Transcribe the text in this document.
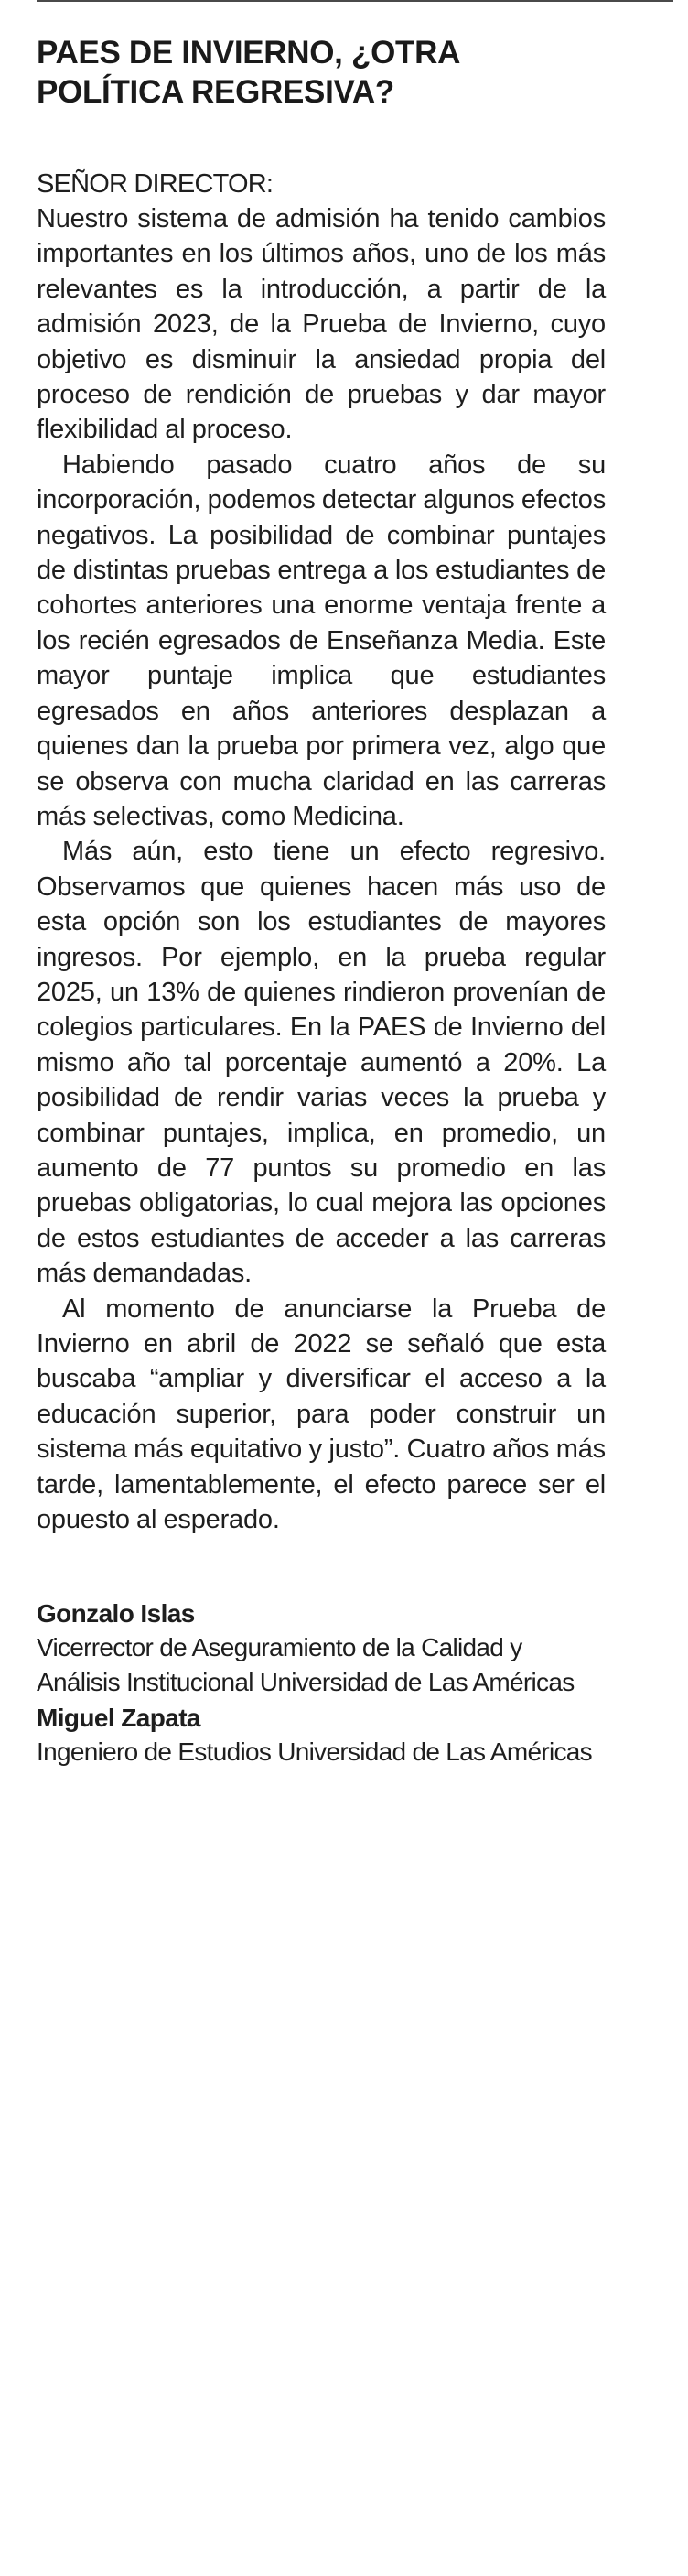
PAES DE INVIERNO, ¿OTRA POLÍTICA REGRESIVA?
SEÑOR DIRECTOR:

Nuestro sistema de admisión ha tenido cambios importantes en los últimos años, uno de los más relevantes es la introducción, a partir de la admisión 2023, de la Prueba de Invierno, cuyo objetivo es disminuir la ansiedad propia del proceso de rendición de pruebas y dar mayor flexibilidad al proceso.

Habiendo pasado cuatro años de su incorporación, podemos detectar algunos efectos negativos. La posibilidad de combinar puntajes de distintas pruebas entrega a los estudiantes de cohortes anteriores una enorme ventaja frente a los recién egresados de Enseñanza Media. Este mayor puntaje implica que estudiantes egresados en años anteriores desplazan a quienes dan la prueba por primera vez, algo que se observa con mucha claridad en las carreras más selectivas, como Medicina.

Más aún, esto tiene un efecto regresivo. Observamos que quienes hacen más uso de esta opción son los estudiantes de mayores ingresos. Por ejemplo, en la prueba regular 2025, un 13% de quienes rindieron provenían de colegios particulares. En la PAES de Invierno del mismo año tal porcentaje aumentó a 20%. La posibilidad de rendir varias veces la prueba y combinar puntajes, implica, en promedio, un aumento de 77 puntos su promedio en las pruebas obligatorias, lo cual mejora las opciones de estos estudiantes de acceder a las carreras más demandadas.

Al momento de anunciarse la Prueba de Invierno en abril de 2022 se señaló que esta buscaba “ampliar y diversificar el acceso a la educación superior, para poder construir un sistema más equitativo y justo”. Cuatro años más tarde, lamentablemente, el efecto parece ser el opuesto al esperado.

Gonzalo Islas
Vicerrector de Aseguramiento de la Calidad y Análisis Institucional Universidad de Las Américas
Miguel Zapata
Ingeniero de Estudios Universidad de Las Américas
